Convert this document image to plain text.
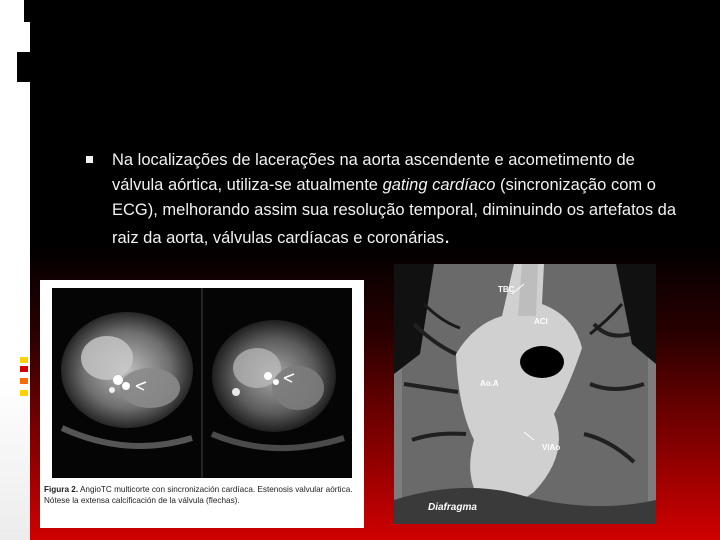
Na localizações de lacerações na aorta ascendente e acometimento de válvula aórtica, utiliza-se atualmente gating cardíaco (sincronização com o ECG), melhorando assim sua resolução temporal, diminuindo os artefatos da raiz da aorta, válvulas cardíacas e coronárias.
Figura 2. AngioTC multicorte con sincronización cardíaca. Estenosis valvular aórtica. Nótese la extensa calcificación de la válvula (flechas).
TBC
ACI
Ao.A
VIAo
Diafragma
